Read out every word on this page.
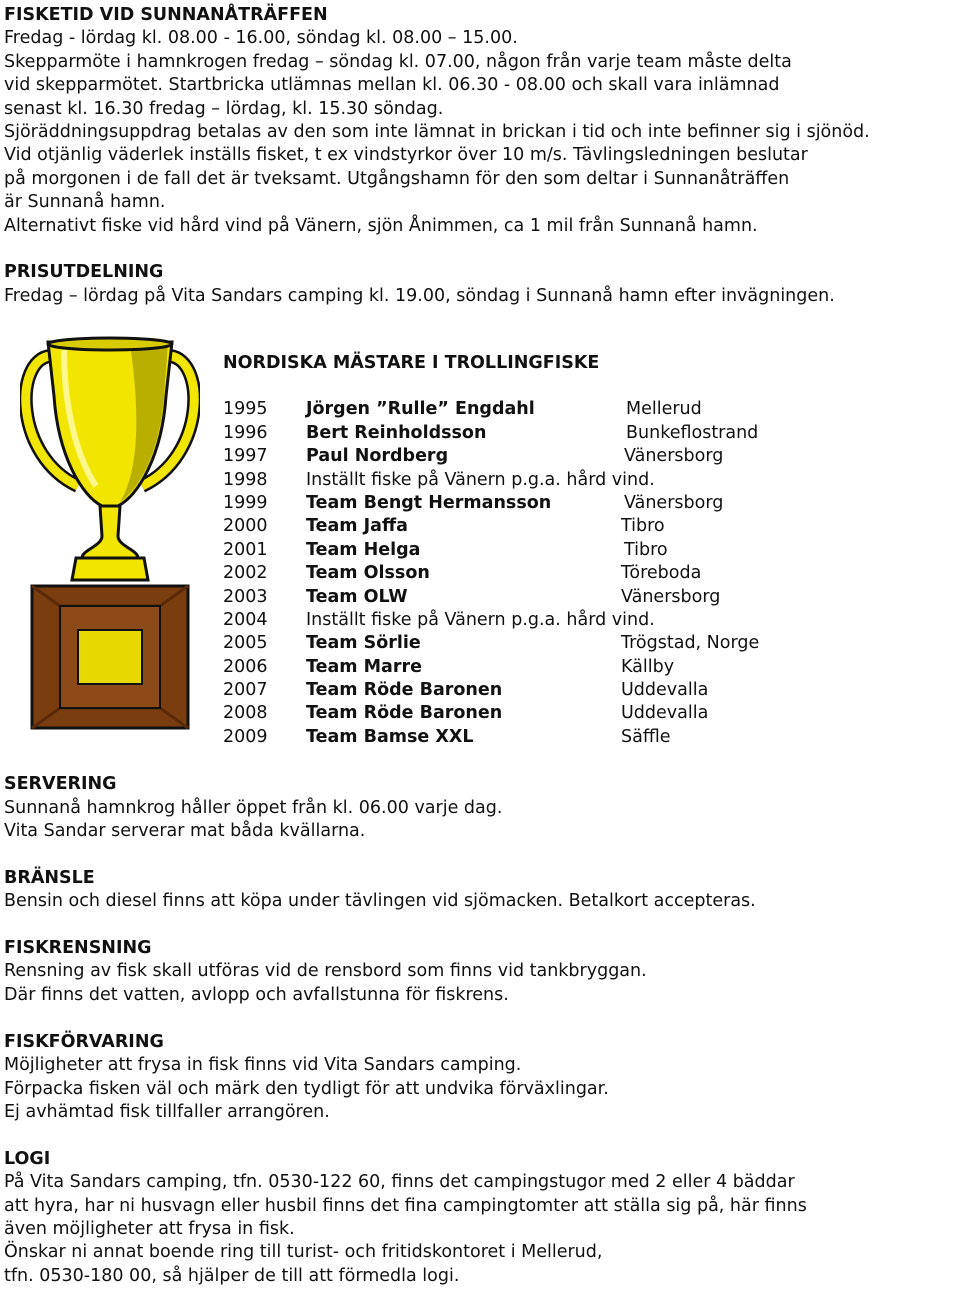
FISKETID VID SUNNANÅTRÄFFEN
Fredag - lördag kl. 08.00 - 16.00, söndag kl. 08.00 – 15.00.
Skepparmöte i hamnkrogen fredag – söndag kl. 07.00, någon från varje team måste delta
vid skepparmötet. Startbricka utlämnas mellan kl. 06.30 - 08.00 och skall vara inlämnad
senast kl. 16.30 fredag – lördag, kl. 15.30 söndag.
Sjöräddningsuppdrag betalas av den som inte lämnat in brickan i tid och inte befinner sig i sjönöd.
Vid otjänlig väderlek inställs fisket, t ex vindstyrkor över 10 m/s. Tävlingsledningen beslutar
på morgonen i de fall det är tveksamt. Utgångshamn för den som deltar i Sunnanåträffen
är Sunnanå hamn.
Alternativt fiske vid hård vind på Vänern, sjön Ånimmen, ca 1 mil från Sunnanå hamn.
PRISUTDELNING
Fredag – lördag på Vita Sandars camping kl. 19.00, söndag i Sunnanå hamn efter invägningen.
SERVERING
Sunnanå hamnkrog håller öppet från kl. 06.00 varje dag.
Vita Sandar serverar mat båda kvällarna.
BRÄNSLE
Bensin och diesel finns att köpa under tävlingen vid sjömacken. Betalkort accepteras.
FISKRENSNING
Rensning av fisk skall utföras vid de rensbord som finns vid tankbryggan.
Där finns det vatten, avlopp och avfallstunna för fiskrens.
FISKFÖRVARING
Möjligheter att frysa in fisk finns vid Vita Sandars camping.
Förpacka fisken väl och märk den tydligt för att undvika förväxlingar.
Ej avhämtad fisk tillfaller arrangören.
LOGI
På Vita Sandars camping, tfn. 0530-122 60, finns det campingstugor med 2 eller 4 bäddar
att hyra, har ni husvagn eller husbil finns det fina campingtomter att ställa sig på, här finns
även möjligheter att frysa in fisk.
Önskar ni annat boende ring till turist- och fritidskontoret i Mellerud,
tfn. 0530-180 00, så hjälper de till att förmedla logi.
NORDISKA MÄSTARE I TROLLINGFISKE
1995 Jörgen ”Rulle” Engdahl	Mellerud
1996 Bert Reinholdsson	Bunkeflostrand
1997 Paul Nordberg	Vänersborg
1998 Inställt fiske på Vänern p.g.a. hård vind.
1999 Team Bengt Hermansson	Vänersborg
2000 Team Jaffa	Tibro
2001 Team Helga	Tibro
2002 Team Olsson	Töreboda
2003 Team OLW	Vänersborg
2004 Inställt fiske på Vänern p.g.a. hård vind.
2005 Team Sörlie	Trögstad, Norge
2006 Team Marre	Källby
2007 Team Röde Baronen	Uddevalla
2008 Team Röde Baronen	Uddevalla
2009 Team Bamse XXL	Säffle
